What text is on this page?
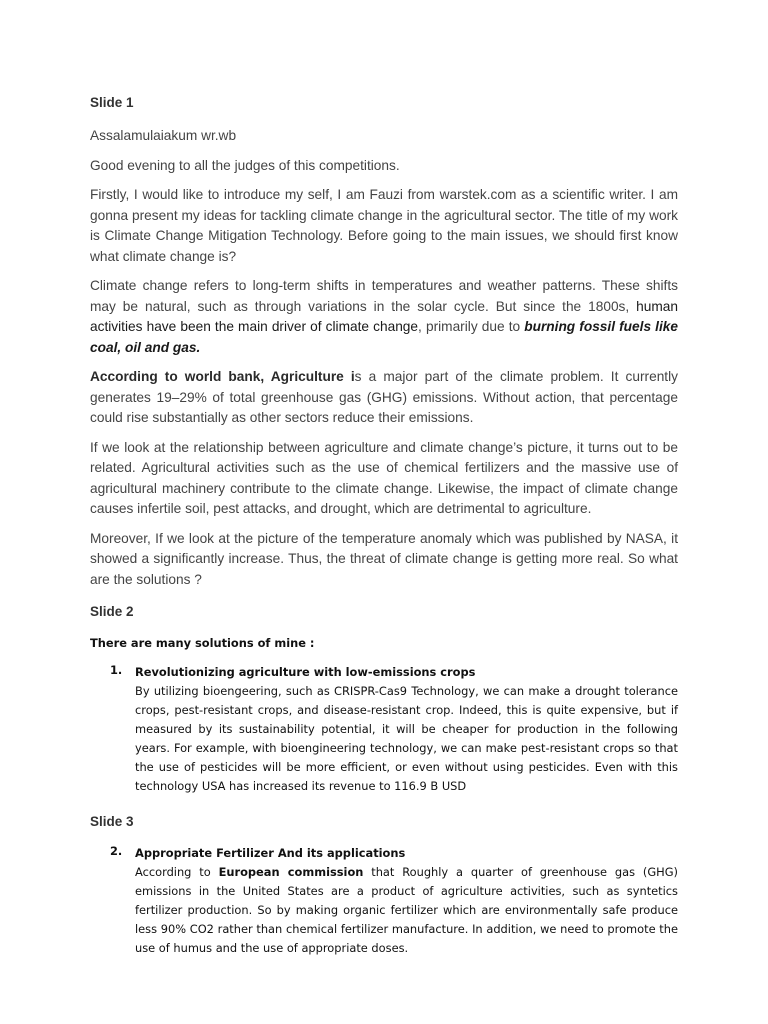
Slide 1

Assalamulaiakum wr.wb

Good evening to all the judges of this competitions.

Firstly, I would like to introduce my self, I am Fauzi from warstek.com as a scientific writer. I am gonna present my ideas for tackling climate change in the agricultural sector. The title of my work is Climate Change Mitigation Technology. Before going to the main issues, we should first know what climate change is?

Climate change refers to long-term shifts in temperatures and weather patterns. These shifts may be natural, such as through variations in the solar cycle. But since the 1800s, human activities have been the main driver of climate change, primarily due to burning fossil fuels like coal, oil and gas.

According to world bank, Agriculture is a major part of the climate problem. It currently generates 19–29% of total greenhouse gas (GHG) emissions. Without action, that percentage could rise substantially as other sectors reduce their emissions.

If we look at the relationship between agriculture and climate change’s picture, it turns out to be related. Agricultural activities such as the use of chemical fertilizers and the massive use of agricultural machinery contribute to the climate change. Likewise, the impact of climate change causes infertile soil, pest attacks, and drought, which are detrimental to agriculture.

Moreover, If we look at the picture of the temperature anomaly which was published by NASA, it showed a significantly increase. Thus, the threat of climate change is getting more real. So what are the solutions ?

Slide 2
There are many solutions of mine :
1. Revolutionizing agriculture with low-emissions crops
By utilizing bioengeering, such as CRISPR-Cas9 Technology, we can make a drought tolerance crops, pest-resistant crops, and disease-resistant crop. Indeed, this is quite expensive, but if measured by its sustainability potential, it will be cheaper for production in the following years. For example, with bioengineering technology, we can make pest-resistant crops so that the use of pesticides will be more efficient, or even without using pesticides. Even with this technology USA has increased its revenue to 116.9 B USD
Slide 3
2. Appropriate Fertilizer And its applications
According to European commission that Roughly a quarter of greenhouse gas (GHG) emissions in the United States are a product of agriculture activities, such as syntetics fertilizer production. So by making organic fertilizer which are environmentally safe produce less 90% CO2 rather than chemical fertilizer manufacture. In addition, we need to promote the use of humus and the use of appropriate doses.
